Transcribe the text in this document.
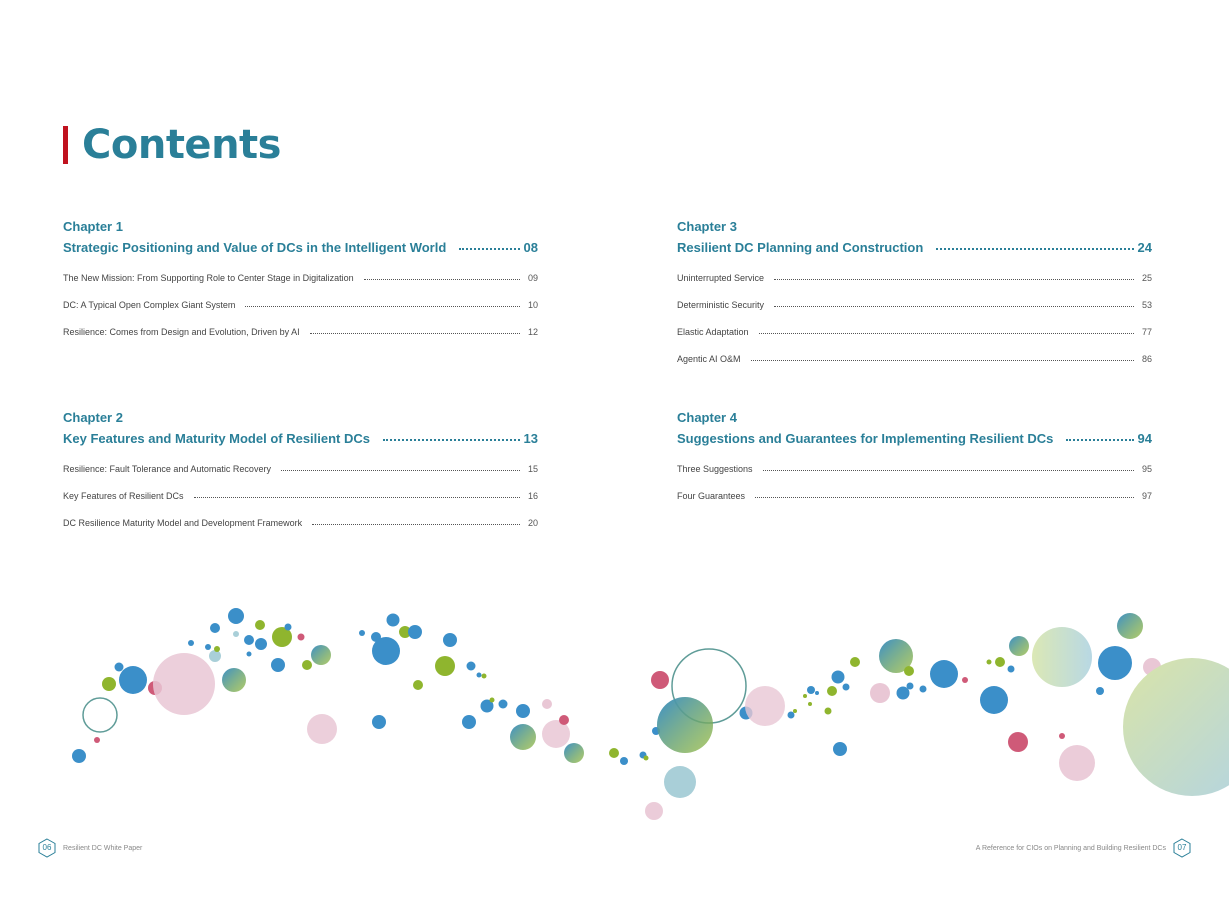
Contents
Chapter 1
Strategic Positioning and Value of DCs in the Intelligent World	08
The New Mission: From Supporting Role to Center Stage in Digitalization	09
DC: A Typical Open Complex Giant System	10
Resilience: Comes from Design and Evolution, Driven by AI	12
Chapter 2
Key Features and Maturity Model of Resilient DCs	13
Resilience: Fault Tolerance and Automatic Recovery	15
Key Features of Resilient DCs	16
DC Resilience Maturity Model and Development Framework	20
Chapter 3
Resilient DC Planning and Construction	24
Uninterrupted Service	25
Deterministic Security	53
Elastic Adaptation	77
Agentic AI O&M	86
Chapter 4
Suggestions and Guarantees for Implementing Resilient DCs	94
Three Suggestions	95
Four Guarantees	97
06	Resilient DC White Paper	A Reference for CIOs on Planning and Building Resilient DCs	07
